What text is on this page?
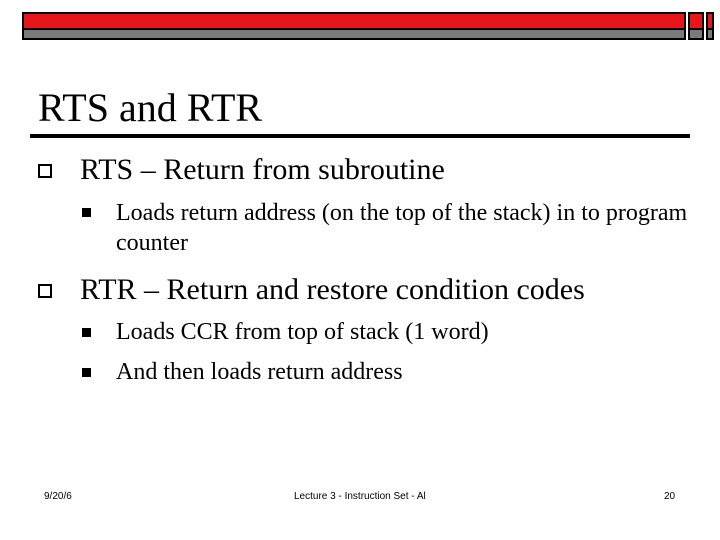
RTS and RTR
RTS – Return from subroutine
Loads return address (on the top of the stack) in to program counter
RTR – Return and restore condition codes
Loads CCR from top of stack (1 word)
And then loads return address
9/20/6	Lecture 3 - Instruction Set - Al	20
